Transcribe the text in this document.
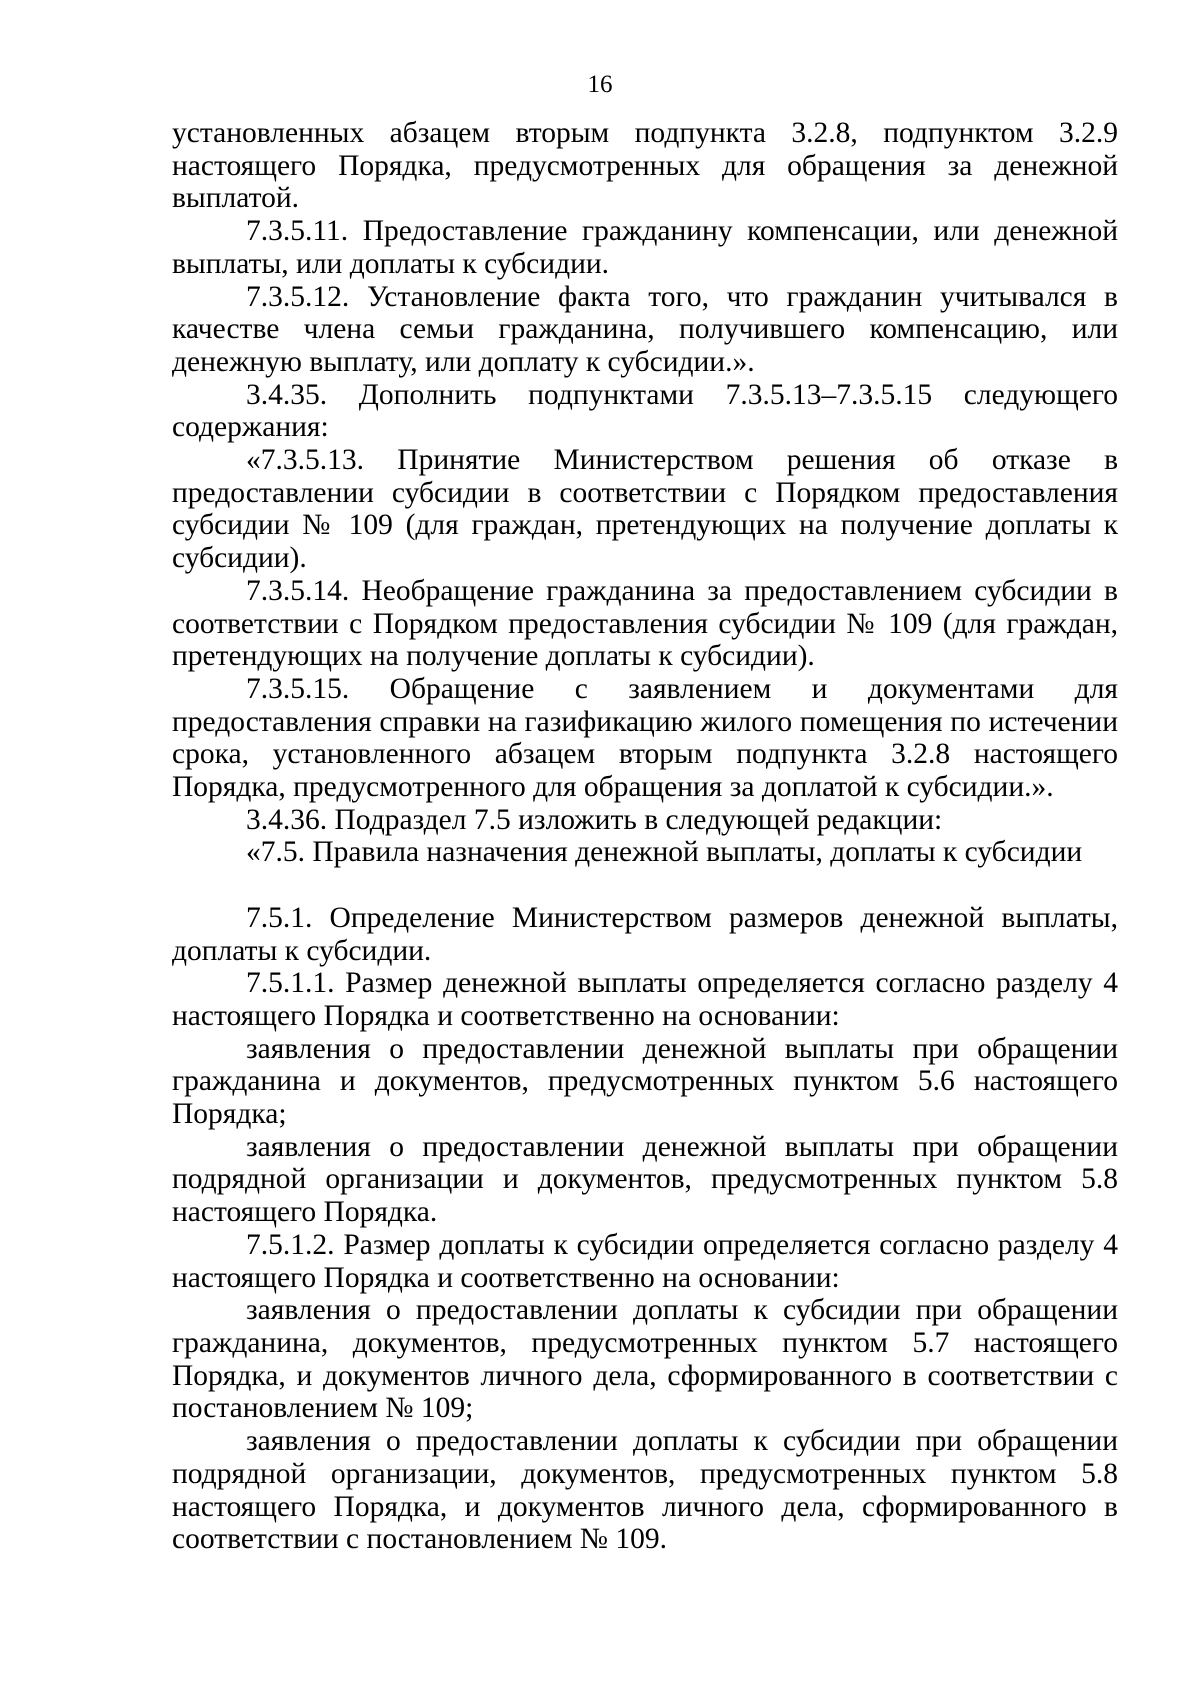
16

установленных абзацем вторым подпункта 3.2.8, подпунктом 3.2.9 настоящего Порядка, предусмотренных для обращения за денежной выплатой.

7.3.5.11. Предоставление гражданину компенсации, или денежной выплаты, или доплаты к субсидии.

7.3.5.12. Установление факта того, что гражданин учитывался в качестве члена семьи гражданина, получившего компенсацию, или денежную выплату, или доплату к субсидии.».

3.4.35. Дополнить подпунктами 7.3.5.13–7.3.5.15 следующего содержания:

«7.3.5.13. Принятие Министерством решения об отказе в предоставлении субсидии в соответствии с Порядком предоставления субсидии № 109 (для граждан, претендующих на получение доплаты к субсидии).

7.3.5.14. Необращение гражданина за предоставлением субсидии в соответствии с Порядком предоставления субсидии № 109 (для граждан, претендующих на получение доплаты к субсидии).

7.3.5.15. Обращение с заявлением и документами для предоставления справки на газификацию жилого помещения по истечении срока, установленного абзацем вторым подпункта 3.2.8 настоящего Порядка, предусмотренного для обращения за доплатой к субсидии.».

3.4.36. Подраздел 7.5 изложить в следующей редакции:

«7.5. Правила назначения денежной выплаты, доплаты к субсидии

7.5.1. Определение Министерством размеров денежной выплаты, доплаты к субсидии.

7.5.1.1. Размер денежной выплаты определяется согласно разделу 4 настоящего Порядка и соответственно на основании:

заявления о предоставлении денежной выплаты при обращении гражданина и документов, предусмотренных пунктом 5.6 настоящего Порядка;

заявления о предоставлении денежной выплаты при обращении подрядной организации и документов, предусмотренных пунктом 5.8 настоящего Порядка.

7.5.1.2. Размер доплаты к субсидии определяется согласно разделу 4 настоящего Порядка и соответственно на основании:

заявления о предоставлении доплаты к субсидии при обращении гражданина, документов, предусмотренных пунктом 5.7 настоящего Порядка, и документов личного дела, сформированного в соответствии с постановлением № 109;

заявления о предоставлении доплаты к субсидии при обращении подрядной организации, документов, предусмотренных пунктом 5.8 настоящего Порядка, и документов личного дела, сформированного в соответствии с постановлением № 109.
